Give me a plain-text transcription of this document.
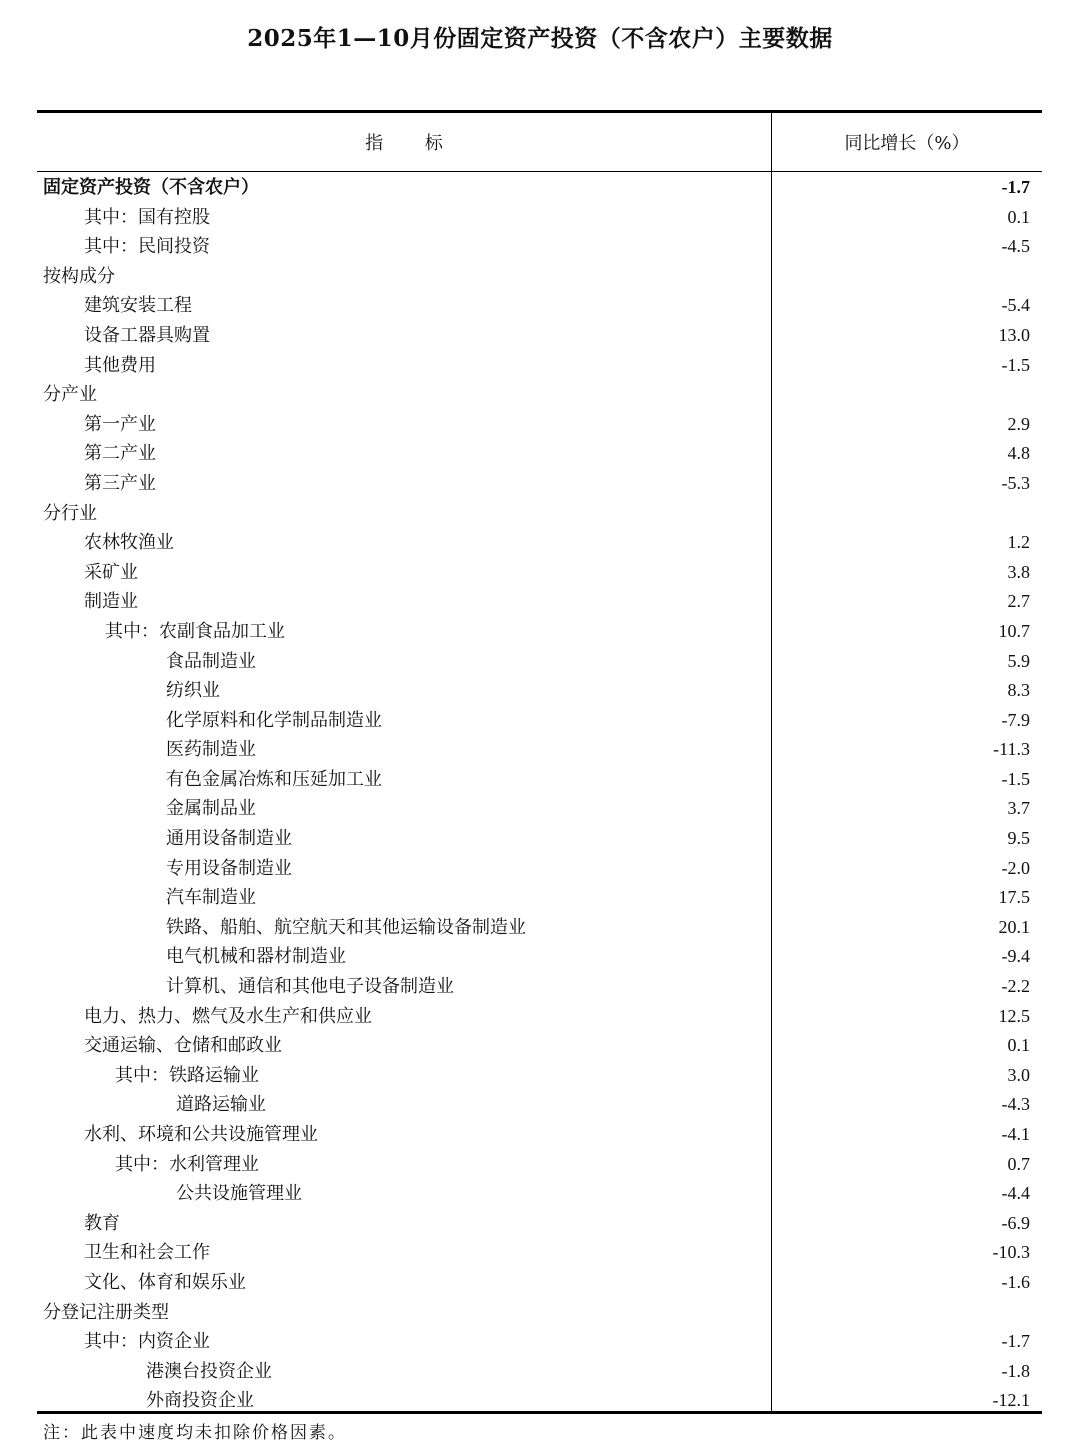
2025年1—10月份固定资产投资（不含农户）主要数据
指 标	同比增长（%）
固定资产投资（不含农户）	-1.7
其中：国有控股	0.1
其中：民间投资	-4.5
按构成分
建筑安装工程	-5.4
设备工器具购置	13.0
其他费用	-1.5
分产业
第一产业	2.9
第二产业	4.8
第三产业	-5.3
分行业
农林牧渔业	1.2
采矿业	3.8
制造业	2.7
其中：农副食品加工业	10.7
食品制造业	5.9
纺织业	8.3
化学原料和化学制品制造业	-7.9
医药制造业	-11.3
有色金属冶炼和压延加工业	-1.5
金属制品业	3.7
通用设备制造业	9.5
专用设备制造业	-2.0
汽车制造业	17.5
铁路、船舶、航空航天和其他运输设备制造业	20.1
电气机械和器材制造业	-9.4
计算机、通信和其他电子设备制造业	-2.2
电力、热力、燃气及水生产和供应业	12.5
交通运输、仓储和邮政业	0.1
其中：铁路运输业	3.0
道路运输业	-4.3
水利、环境和公共设施管理业	-4.1
其中：水利管理业	0.7
公共设施管理业	-4.4
教育	-6.9
卫生和社会工作	-10.3
文化、体育和娱乐业	-1.6
分登记注册类型
其中：内资企业	-1.7
港澳台投资企业	-1.8
外商投资企业	-12.1
注：此表中速度均未扣除价格因素。
